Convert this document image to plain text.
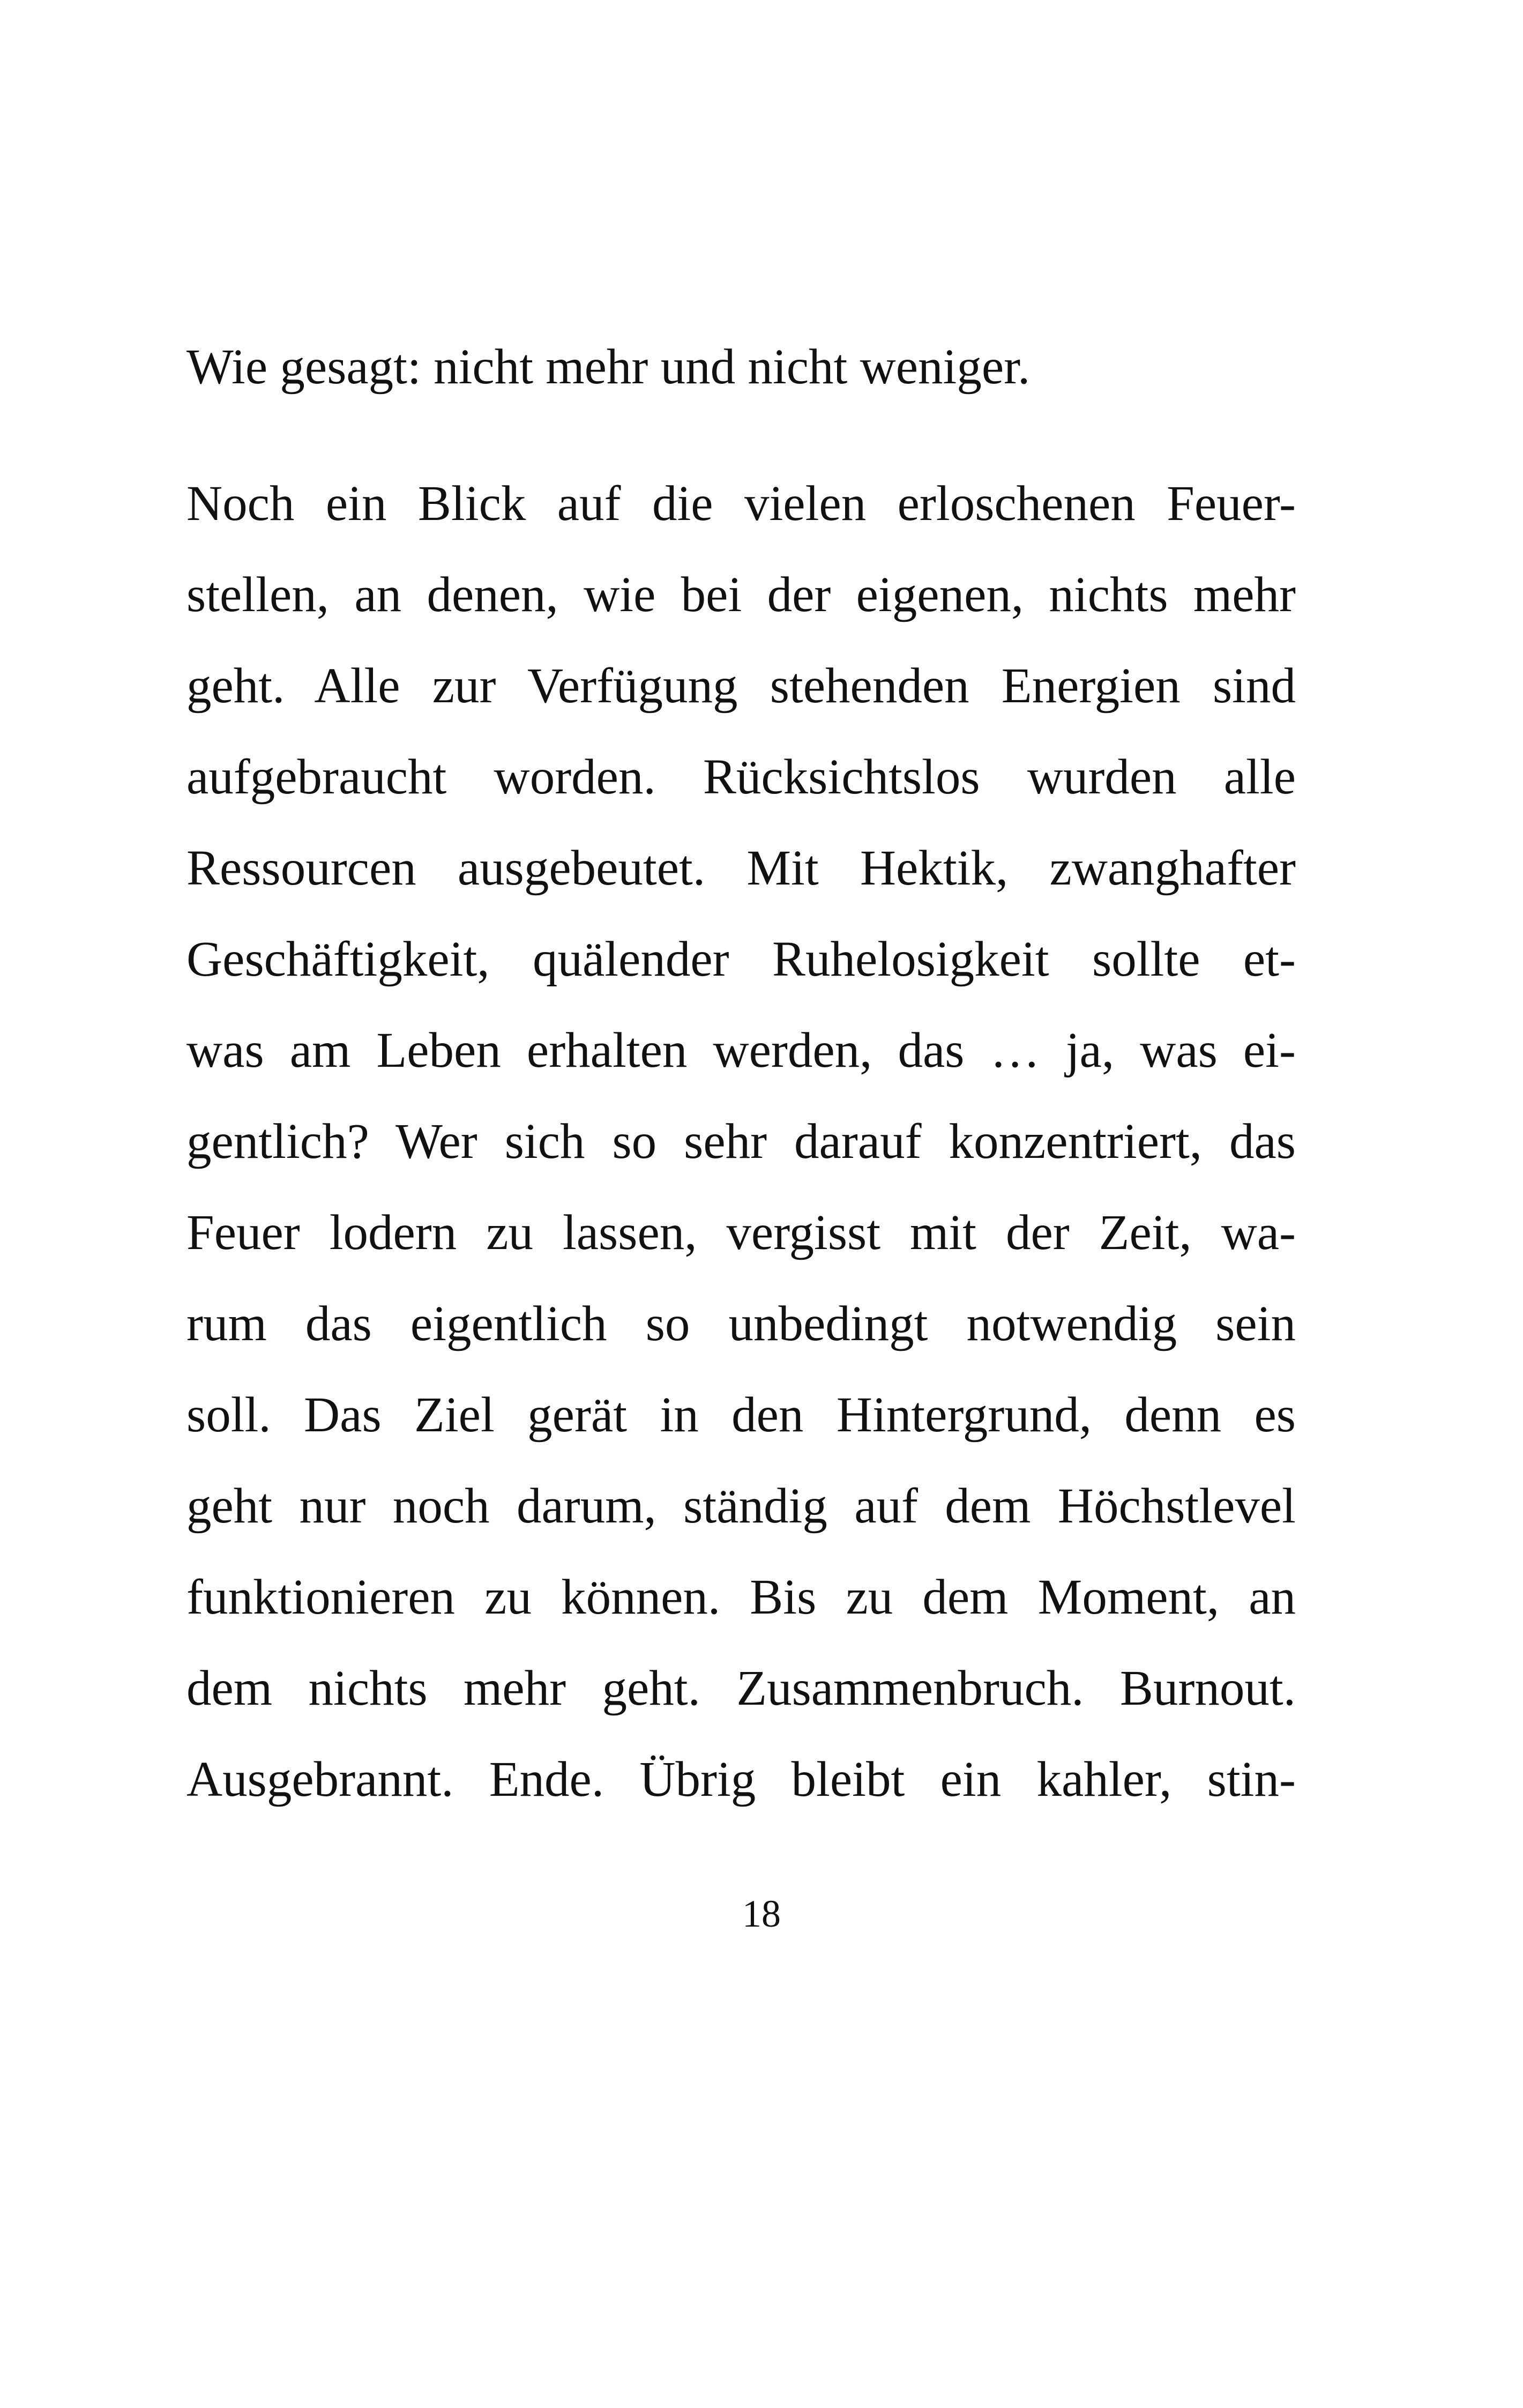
Wie gesagt: nicht mehr und nicht weniger.

Noch ein Blick auf die vielen erloschenen Feuer-
stellen, an denen, wie bei der eigenen, nichts mehr
geht. Alle zur Verfügung stehenden Energien sind
aufgebraucht worden. Rücksichtslos wurden alle
Ressourcen ausgebeutet. Mit Hektik, zwanghafter
Geschäftigkeit, quälender Ruhelosigkeit sollte et-
was am Leben erhalten werden, das … ja, was ei-
gentlich? Wer sich so sehr darauf konzentriert, das
Feuer lodern zu lassen, vergisst mit der Zeit, wa-
rum das eigentlich so unbedingt notwendig sein
soll. Das Ziel gerät in den Hintergrund, denn es
geht nur noch darum, ständig auf dem Höchstlevel
funktionieren zu können. Bis zu dem Moment, an
dem nichts mehr geht. Zusammenbruch. Burnout.
Ausgebrannt. Ende. Übrig bleibt ein kahler, stin-
18
